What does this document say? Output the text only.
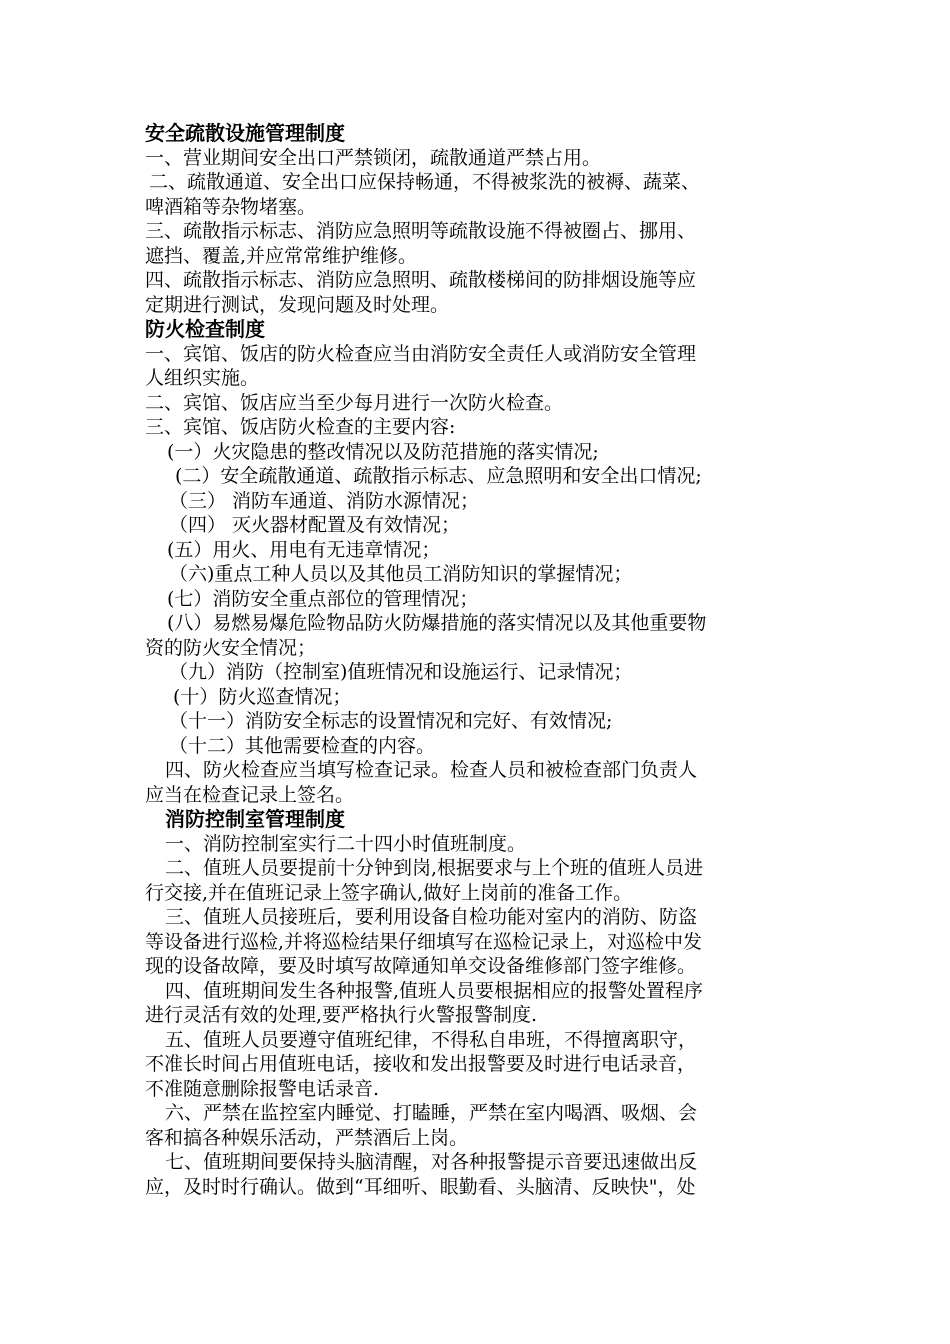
安全疏散设施管理制度
一、营业期间安全出口严禁锁闭，疏散通道严禁占用。
二、疏散通道、安全出口应保持畅通，不得被浆洗的被褥、蔬菜、
啤酒箱等杂物堵塞。
三、疏散指示标志、消防应急照明等疏散设施不得被圈占、挪用、
遮挡、覆盖,并应常常维护维修。
四、疏散指示标志、消防应急照明、疏散楼梯间的防排烟设施等应
定期进行测试，发现问题及时处理。
防火检查制度
一、宾馆、饭店的防火检查应当由消防安全责任人或消防安全管理
人组织实施。
二、宾馆、饭店应当至少每月进行一次防火检查。
三、宾馆、饭店防火检查的主要内容:
(一）火灾隐患的整改情况以及防范措施的落实情况;
(二）安全疏散通道、疏散指示标志、应急照明和安全出口情况;
（三） 消防车通道、消防水源情况；
（四） 灭火器材配置及有效情况；
(五）用火、用电有无违章情况；
（六)重点工种人员以及其他员工消防知识的掌握情况；
(七）消防安全重点部位的管理情况；
(八）易燃易爆危险物品防火防爆措施的落实情况以及其他重要物
资的防火安全情况；
（九）消防（控制室)值班情况和设施运行、记录情况；
(十）防火巡查情况；
（十一）消防安全标志的设置情况和完好、有效情况;
（十二）其他需要检查的内容。
四、防火检查应当填写检查记录。检查人员和被检查部门负责人
应当在检查记录上签名。
消防控制室管理制度
一、消防控制室实行二十四小时值班制度。
二、值班人员要提前十分钟到岗,根据要求与上个班的值班人员进
行交接,并在值班记录上签字确认,做好上岗前的准备工作。
三、值班人员接班后，要利用设备自检功能对室内的消防、防盗
等设备进行巡检,并将巡检结果仔细填写在巡检记录上，对巡检中发
现的设备故障，要及时填写故障通知单交设备维修部门签字维修。
四、值班期间发生各种报警,值班人员要根据相应的报警处置程序
进行灵活有效的处理,要严格执行火警报警制度.
五、值班人员要遵守值班纪律，不得私自串班，不得擅离职守，
不准长时间占用值班电话，接收和发出报警要及时进行电话录音，
不准随意删除报警电话录音.
六、严禁在监控室内睡觉、打瞌睡，严禁在室内喝酒、吸烟、会
客和搞各种娱乐活动，严禁酒后上岗。
七、值班期间要保持头脑清醒，对各种报警提示音要迅速做出反
应，及时时行确认。做到“耳细听、眼勤看、头脑清、反映快"，处
